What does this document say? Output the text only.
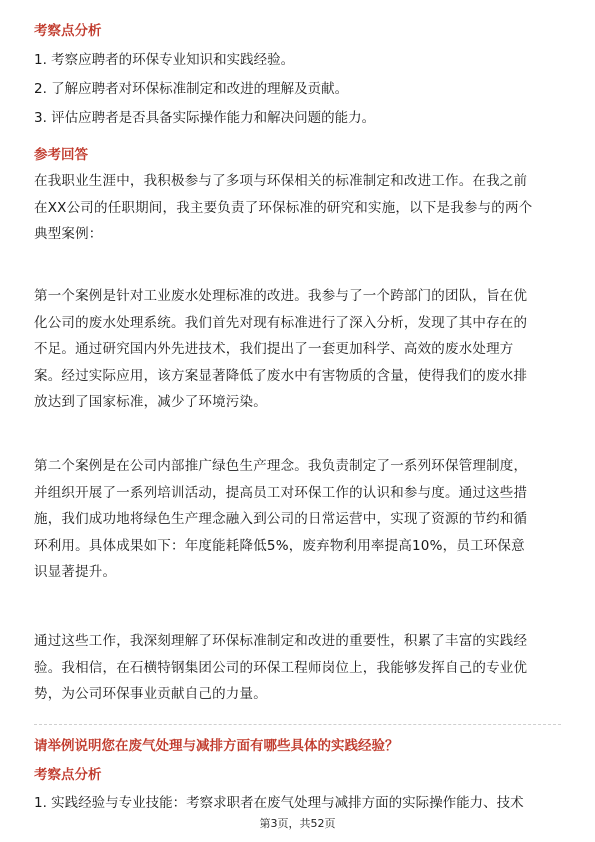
考察点分析

1. 考察应聘者的环保专业知识和实践经验。

2. 了解应聘者对环保标准制定和改进的理解及贡献。

3. 评估应聘者是否具备实际操作能力和解决问题的能力。

参考回答

在我职业生涯中，我积极参与了多项与环保相关的标准制定和改进工作。在我之前

在XX公司的任职期间，我主要负责了环保标准的研究和实施，以下是我参与的两个

典型案例：

第一个案例是针对工业废水处理标准的改进。我参与了一个跨部门的团队，旨在优

化公司的废水处理系统。我们首先对现有标准进行了深入分析，发现了其中存在的

不足。通过研究国内外先进技术，我们提出了一套更加科学、高效的废水处理方

案。经过实际应用，该方案显著降低了废水中有害物质的含量，使得我们的废水排

放达到了国家标准，减少了环境污染。

第二个案例是在公司内部推广绿色生产理念。我负责制定了一系列环保管理制度，

并组织开展了一系列培训活动，提高员工对环保工作的认识和参与度。通过这些措

施，我们成功地将绿色生产理念融入到公司的日常运营中，实现了资源的节约和循

环利用。具体成果如下：年度能耗降低5%，废弃物利用率提高10%，员工环保意

识显著提升。

通过这些工作，我深刻理解了环保标准制定和改进的重要性，积累了丰富的实践经

验。我相信，在石横特钢集团公司的环保工程师岗位上，我能够发挥自己的专业优

势，为公司环保事业贡献自己的力量。

请举例说明您在废气处理与减排方面有哪些具体的实践经验？

考察点分析

1. 实践经验与专业技能：考察求职者在废气处理与减排方面的实际操作能力、技术

第3页，共52页
